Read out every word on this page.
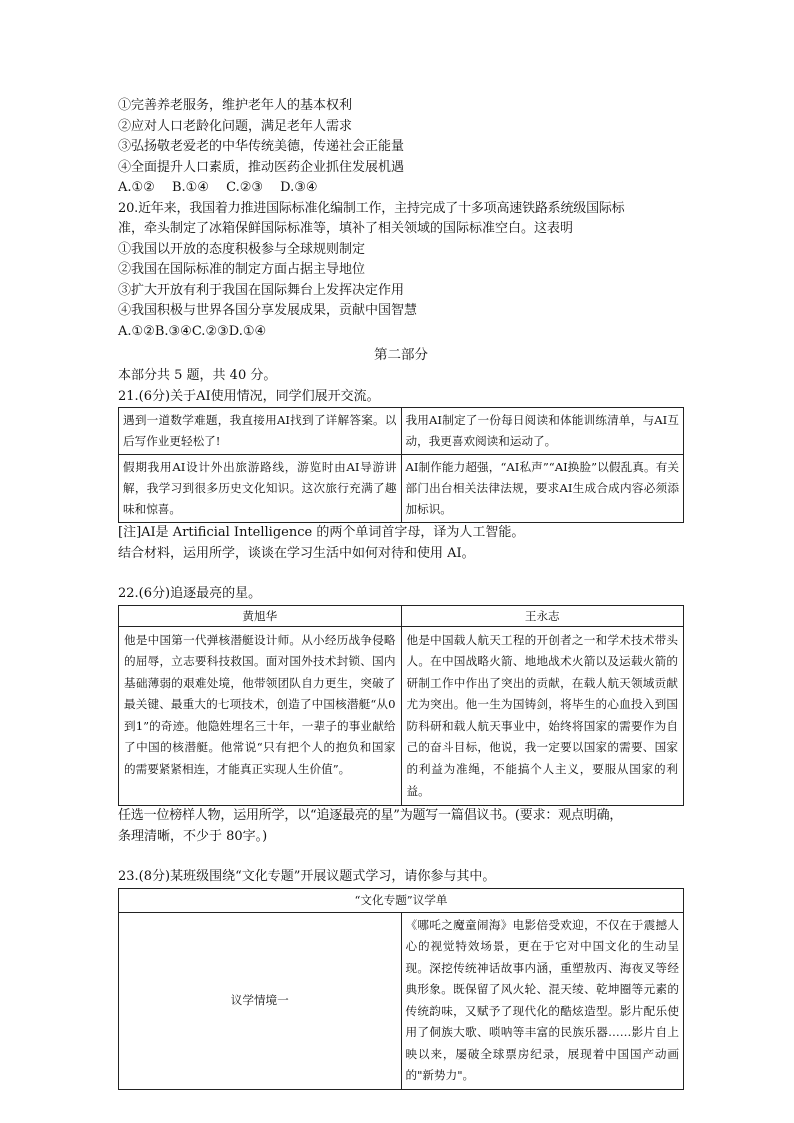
①完善养老服务，维护老年人的基本权利
②应对人口老龄化问题，满足老年人需求
③弘扬敬老爱老的中华传统美德，传递社会正能量
④全面提升人口素质，推动医药企业抓住发展机遇
A.①②　 B.①④　 C.②③　 D.③④
20.近年来，我国着力推进国际标准化编制工作，主持完成了十多项高速铁路系统级国际标
准，牵头制定了冰箱保鲜国际标准等，填补了相关领域的国际标准空白。这表明
①我国以开放的态度积极参与全球规则制定
②我国在国际标准的制定方面占据主导地位
③扩大开放有利于我国在国际舞台上发挥决定作用
④我国积极与世界各国分享发展成果，贡献中国智慧
A.①②B.③④C.②③D.①④
第二部分
本部分共 5 题，共 40 分。
21.(6分)关于AI使用情况，同学们展开交流。
遇到一道数学难题，我直接用AI找到了详解答案。以后写作业更轻松了!	我用AI制定了一份每日阅读和体能训练清单，与AI互动，我更喜欢阅读和运动了。
假期我用AI设计外出旅游路线，游览时由AI导游讲解，我学习到很多历史文化知识。这次旅行充满了趣味和惊喜。	AI制作能力超强，“AI私声”“AI换脸”以假乱真。有关部门出台相关法律法规，要求AI生成合成内容必须添加标识。
[注]AI是 Artificial Intelligence 的两个单词首字母，译为人工智能。
结合材料，运用所学，谈谈在学习生活中如何对待和使用 AI。
22.(6分)追逐最亮的星。
黄旭华	王永志
他是中国第一代弹核潜艇设计师。从小经历战争侵略的屈辱，立志要科技救国。面对国外技术封锁、国内基础薄弱的艰难处境，他带领团队自力更生，突破了最关键、最重大的七项技术，创造了中国核潜艇“从0到1”的奇迹。他隐姓埋名三十年，一辈子的事业献给了中国的核潜艇。他常说“只有把个人的抱负和国家的需要紧紧相连，才能真正实现人生价值”。	他是中国载人航天工程的开创者之一和学术技术带头人。在中国战略火箭、地地战术火箭以及运载火箭的研制工作中作出了突出的贡献，在载人航天领域贡献尤为突出。他一生为国铸剑，将毕生的心血投入到国防科研和载人航天事业中，始终将国家的需要作为自己的奋斗目标，他说，我一定要以国家的需要、国家的利益为准绳，不能搞个人主义，要服从国家的利益。
任选一位榜样人物，运用所学，以“追逐最亮的星”为题写一篇倡议书。(要求：观点明确，
条理清晰，不少于 80字。)
23.(8分)某班级围绕“文化专题”开展议题式学习，请你参与其中。
“文化专题”议学单
议学情境一	《哪吒之魔童闹海》电影倍受欢迎，不仅在于震撼人心的视觉特效场景，更在于它对中国文化的生动呈现。深挖传统神话故事内涵，重塑敖丙、海夜叉等经典形象。既保留了风火轮、混天绫、乾坤圈等元素的传统韵味，又赋予了现代化的酷炫造型。影片配乐使用了侗族大歌、唢呐等丰富的民族乐器……影片自上映以来，屡破全球票房纪录，展现着中国国产动画的"新势力"。
